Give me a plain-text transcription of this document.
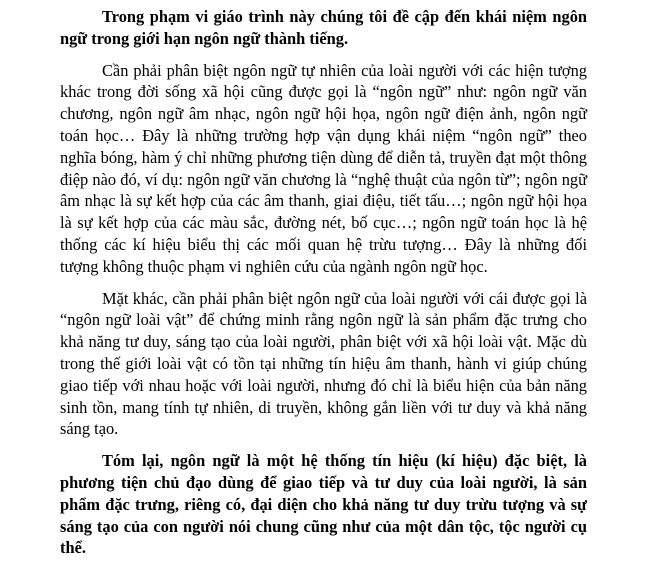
Trong phạm vi giáo trình này chúng tôi đề cập đến khái niệm ngôn ngữ trong giới hạn ngôn ngữ thành tiếng.

Cần phải phân biệt ngôn ngữ tự nhiên của loài người với các hiện tượng khác trong đời sống xã hội cũng được gọi là “ngôn ngữ” như: ngôn ngữ văn chương, ngôn ngữ âm nhạc, ngôn ngữ hội họa, ngôn ngữ điện ảnh, ngôn ngữ toán học… Đây là những trường hợp vận dụng khái niệm “ngôn ngữ” theo nghĩa bóng, hàm ý chỉ những phương tiện dùng để diễn tả, truyền đạt một thông điệp nào đó, ví dụ: ngôn ngữ văn chương là “nghệ thuật của ngôn từ”; ngôn ngữ âm nhạc là sự kết hợp của các âm thanh, giai điệu, tiết tấu…; ngôn ngữ hội họa là sự kết hợp của các màu sắc, đường nét, bố cục…; ngôn ngữ toán học là hệ thống các kí hiệu biểu thị các mối quan hệ trừu tượng… Đây là những đối tượng không thuộc phạm vi nghiên cứu của ngành ngôn ngữ học.

Mặt khác, cần phải phân biệt ngôn ngữ của loài người với cái được gọi là “ngôn ngữ loài vật” để chứng minh rằng ngôn ngữ là sản phẩm đặc trưng cho khả năng tư duy, sáng tạo của loài người, phân biệt với xã hội loài vật. Mặc dù trong thế giới loài vật có tồn tại những tín hiệu âm thanh, hành vi giúp chúng giao tiếp với nhau hoặc với loài người, nhưng đó chỉ là biểu hiện của bản năng sinh tồn, mang tính tự nhiên, di truyền, không gắn liền với tư duy và khả năng sáng tạo.

Tóm lại, ngôn ngữ là một hệ thống tín hiệu (kí hiệu) đặc biệt, là phương tiện chủ đạo dùng để giao tiếp và tư duy của loài người, là sản phẩm đặc trưng, riêng có, đại diện cho khả năng tư duy trừu tượng và sự sáng tạo của con người nói chung cũng như của một dân tộc, tộc người cụ thể.
